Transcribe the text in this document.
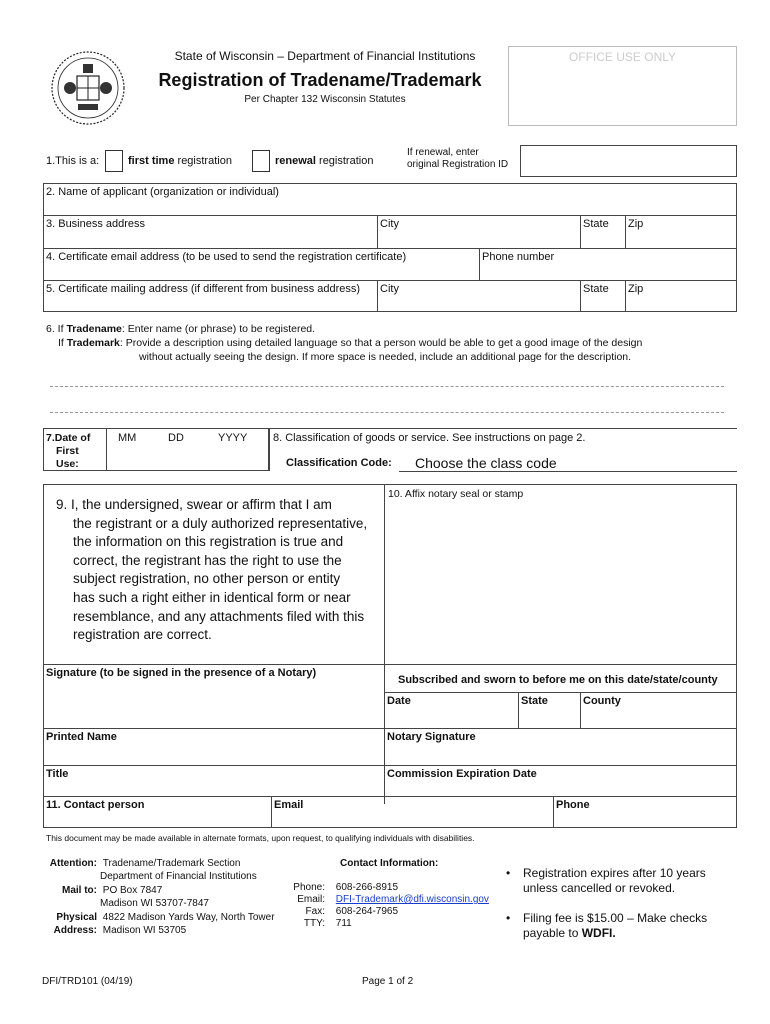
State of Wisconsin – Department of Financial Institutions
Registration of Tradename/Trademark
Per Chapter 132 Wisconsin Statutes
OFFICE USE ONLY
1.This is a:	first time registration	renewal registration
If renewal, enter
original Registration ID
2. Name of applicant (organization or individual)
3. Business address	City	State	Zip
4. Certificate email address (to be used to send the registration certificate)	Phone number
5. Certificate mailing address (if different from business address)	City	State	Zip
6. If Tradename: Enter name (or phrase) to be registered.
If Trademark: Provide a description using detailed language so that a person would be able to get a good image of the design
without actually seeing the design. If more space is needed, include an additional page for the description.
7.Date of
First
Use:
MM	DD	YYYY 8. Classification of goods or service. See instructions on page 2.
Classification Code: Choose the class code
9. I, the undersigned, swear or affirm that I am
the registrant or a duly authorized representative,
the information on this registration is true and
correct, the registrant has the right to use the
subject registration, no other person or entity
has such a right either in identical form or near
resemblance, and any attachments filed with this
registration are correct.
10. Affix notary seal or stamp
Signature (to be signed in the presence of a Notary)
Subscribed and sworn to before me on this date/state/county
Date	State	County
Printed Name	Notary Signature
Title	Commission Expiration Date
11. Contact person	Email	Phone
This document may be made available in alternate formats, upon request, to qualifying individuals with disabilities.
Attention: Tradename/Trademark Section
Department of Financial Institutions
Mail to: PO Box 7847
Madison WI 53707-7847
Physical 4822 Madison Yards Way, North Tower
Address: Madison WI 53705
Contact Information:
Phone: 608-266-8915
Email: DFI-Trademark@dfi.wisconsin.gov
Fax: 608-264-7965
TTY: 711
• Registration expires after 10 years
unless cancelled or revoked.
• Filing fee is $15.00 – Make checks
payable to WDFI.
DFI/TRD101 (04/19)	Page 1 of 2
